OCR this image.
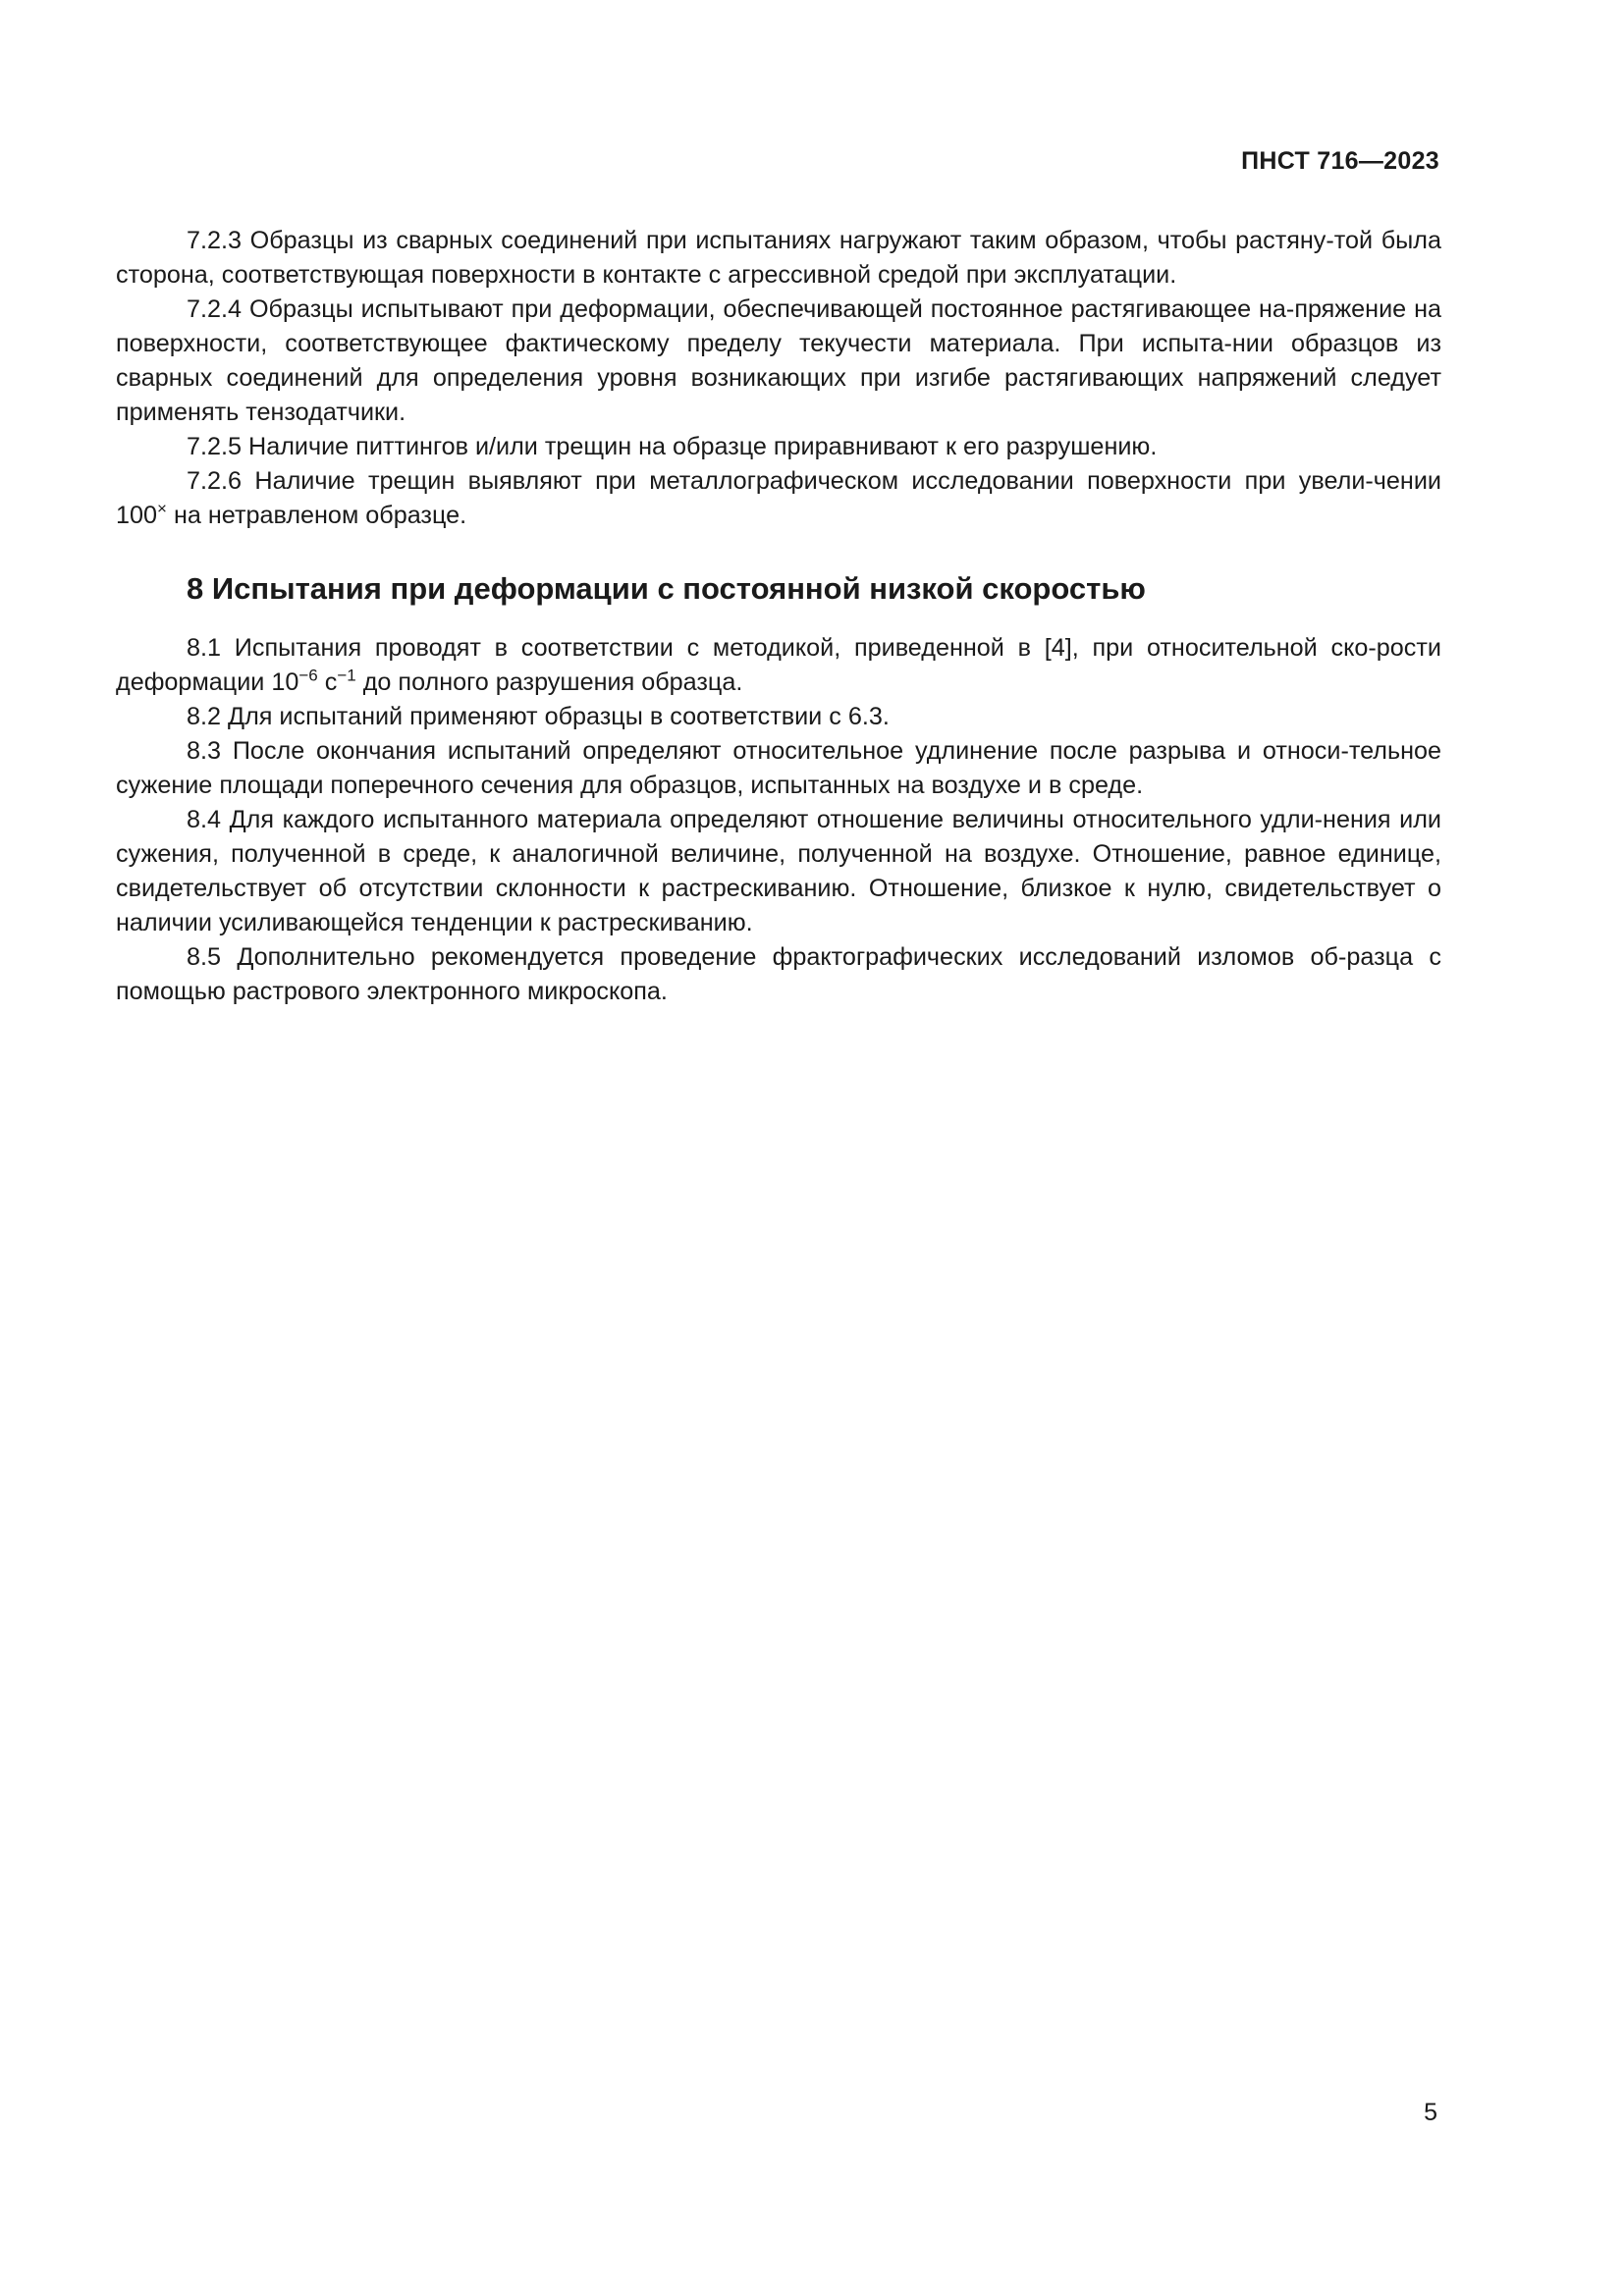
ПНСТ 716—2023

7.2.3 Образцы из сварных соединений при испытаниях нагружают таким образом, чтобы растяну-той была сторона, соответствующая поверхности в контакте с агрессивной средой при эксплуатации.

7.2.4 Образцы испытывают при деформации, обеспечивающей постоянное растягивающее на-пряжение на поверхности, соответствующее фактическому пределу текучести материала. При испыта-нии образцов из сварных соединений для определения уровня возникающих при изгибе растягивающих напряжений следует применять тензодатчики.

7.2.5 Наличие питтингов и/или трещин на образце приравнивают к его разрушению.

7.2.6 Наличие трещин выявляют при металлографическом исследовании поверхности при увели-чении 100× на нетравленом образце.

8 Испытания при деформации с постоянной низкой скоростью

8.1 Испытания проводят в соответствии с методикой, приведенной в [4], при относительной ско-рости деформации $10^{-6}$ $с^{-1}$ до полного разрушения образца.

8.2 Для испытаний применяют образцы в соответствии с 6.3.

8.3 После окончания испытаний определяют относительное удлинение после разрыва и относи-тельное сужение площади поперечного сечения для образцов, испытанных на воздухе и в среде.

8.4 Для каждого испытанного материала определяют отношение величины относительного удли-нения или сужения, полученной в среде, к аналогичной величине, полученной на воздухе. Отношение, равное единице, свидетельствует об отсутствии склонности к растрескиванию. Отношение, близкое к нулю, свидетельствует о наличии усиливающейся тенденции к растрескиванию.

8.5 Дополнительно рекомендуется проведение фрактографических исследований изломов об-разца с помощью растрового электронного микроскопа.

5
